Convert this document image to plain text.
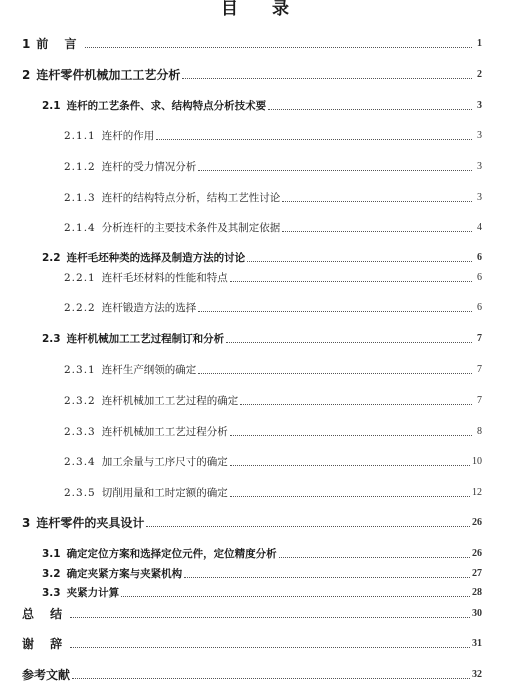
目 录
1 前 言	1
2 连杆零件机械加工工艺分析	2
2.1 连杆的工艺条件、求、结构特点分析技术要	3
2.1.1 连杆的作用	3
2.1.2 连杆的受力情况分析	3
2.1.3 连杆的结构特点分析，结构工艺性讨论	3
2.1.4 分析连杆的主要技术条件及其制定依据	4
2.2 连杆毛坯种类的选择及制造方法的讨论	6
2.2.1 连杆毛坯材料的性能和特点	6
2.2.2 连杆锻造方法的选择	6
2.3 连杆机械加工工艺过程制订和分析	7
2.3.1 连杆生产纲领的确定	7
2.3.2 连杆机械加工工艺过程的确定	7
2.3.3 连杆机械加工工艺过程分析	8
2.3.4 加工余量与工序尺寸的确定	10
2.3.5 切削用量和工时定额的确定	12
3 连杆零件的夹具设计	26
3.1 确定定位方案和选择定位元件，定位精度分析	26
3.2 确定夹紧方案与夹紧机构	27
3.3 夹紧力计算	28
总 结	30
谢 辞	31
参考文献	32
